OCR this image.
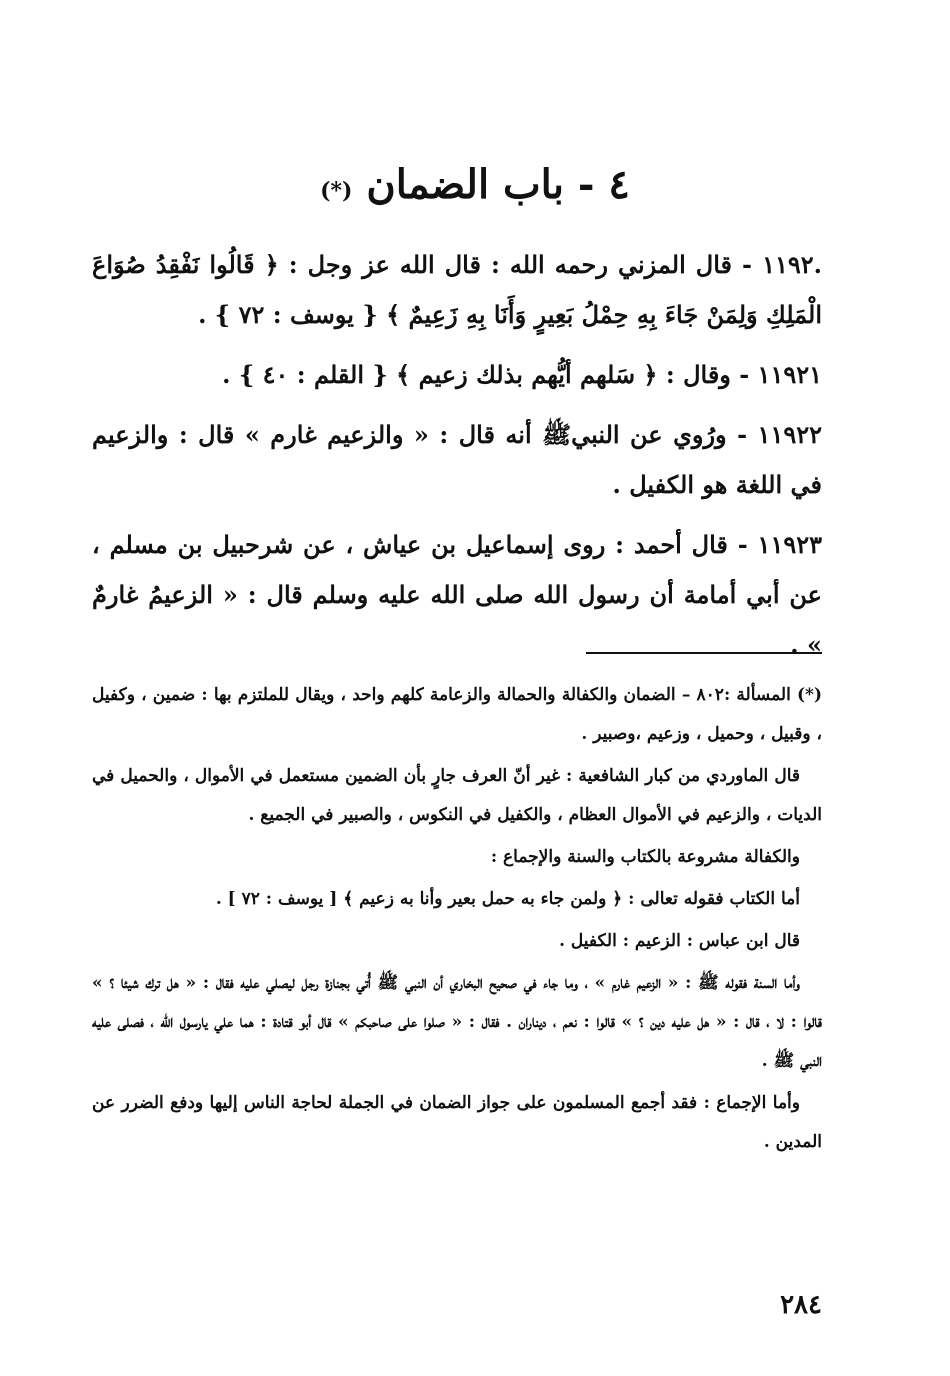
٤ - باب الضمان (*)

.١١٩٢ - قال المزني رحمه الله : قال الله عز وجل : ﴿ قَالُوا نَفْقِدُ صُوَاعَ الْمَلِكِ وَلِمَنْ جَاءَ بِهِ حِمْلُ بَعِيرٍ وَأَنَا بِهِ زَعِيمٌ ﴾ { يوسف : ٧٢ } .

١١٩٢١ - وقال : ﴿ سَلهم أيُّهم بذلك زعيم ﴾ { القلم : ٤٠ } .

١١٩٢٢ - ورُوي عن النبيﷺ أنه قال : « والزعيم غارم » قال : والزعيم في اللغة هو الكفيل .

١١٩٢٣ - قال أحمد : روى إسماعيل بن عياش ، عن شرحبيل بن مسلم ، عن أبي أمامة أن رسول الله صلى الله عليه وسلم قال : « الزعيمُ غارمٌ » .

(*) المسألة :٨٠٢ – الضمان والكفالة والحمالة والزعامة كلهم واحد ، ويقال للملتزم بها : ضمين ، وكفيل ، وقبيل ، وحميل ، وزعيم ،وصبير .

قال الماوردي من كبار الشافعية : غير أنّ العرف جارٍ بأن الضمين مستعمل في الأموال ، والحميل في الديات ، والزعيم في الأموال العظام ، والكفيل في النكوس ، والصبير في الجميع .

والكفالة مشروعة بالكتاب والسنة والإجماع :

أما الكتاب فقوله تعالى : ﴿ ولمن جاء به حمل بعير وأنا به زعيم ﴾ [ يوسف : ٧٢ ] .

قال ابن عباس : الزعيم : الكفيل .

وأما السنة فقوله ﷺ : « الزعيم غارم » ، وما جاء في صحيح البخاري أن النبي ﷺ أُتي بجنازة رجل ليصلي عليه فقال : « هل ترك شيئا ؟ » قالوا : لا ، قال : « هل عليه دين ؟ » قالوا : نعم ، ديناران . فقال : « صلوا على صاحبكم » قال أبو قتادة : هما علي يارسول الله ، فصلى عليه النبي ﷺ .

وأما الإجماع : فقد أجمع المسلمون على جواز الضمان في الجملة لحاجة الناس إليها ودفع الضرر عن المدين .

٢٨٤
